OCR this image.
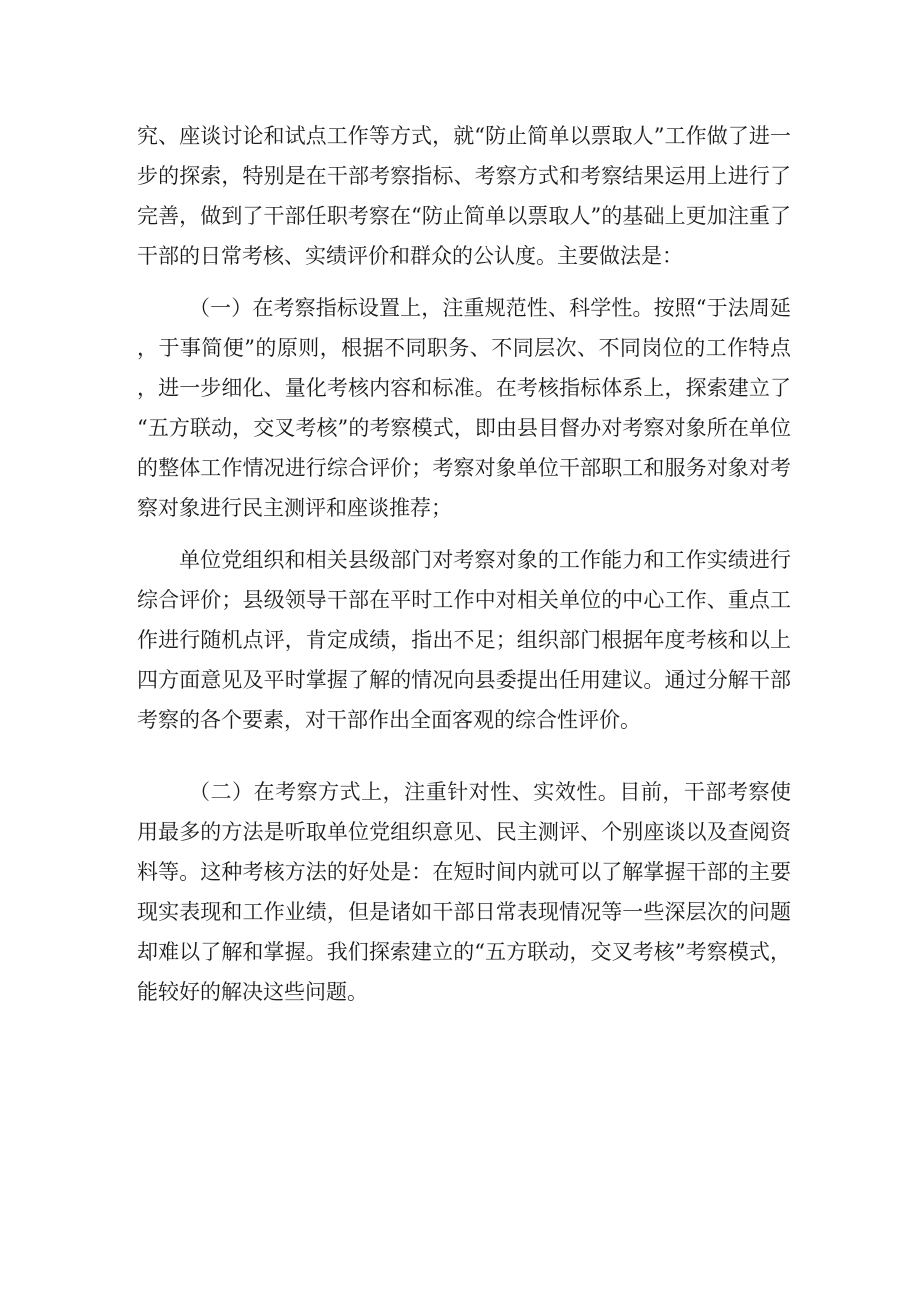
究、座谈讨论和试点工作等方式，就“防止简单以票取人”工作做了进一步的探索，特别是在干部考察指标、考察方式和考察结果运用上进行了完善，做到了干部任职考察在“防止简单以票取人”的基础上更加注重了干部的日常考核、实绩评价和群众的公认度。主要做法是：

（一）在考察指标设置上，注重规范性、科学性。按照“于法周延，于事简便”的原则，根据不同职务、不同层次、不同岗位的工作特点，进一步细化、量化考核内容和标准。在考核指标体系上，探索建立了“五方联动，交叉考核”的考察模式，即由县目督办对考察对象所在单位的整体工作情况进行综合评价；考察对象单位干部职工和服务对象对考察对象进行民主测评和座谈推荐；

单位党组织和相关县级部门对考察对象的工作能力和工作实绩进行综合评价；县级领导干部在平时工作中对相关单位的中心工作、重点工作进行随机点评，肯定成绩，指出不足；组织部门根据年度考核和以上四方面意见及平时掌握了解的情况向县委提出任用建议。通过分解干部考察的各个要素，对干部作出全面客观的综合性评价。

（二）在考察方式上，注重针对性、实效性。目前，干部考察使用最多的方法是听取单位党组织意见、民主测评、个别座谈以及查阅资料等。这种考核方法的好处是：在短时间内就可以了解掌握干部的主要现实表现和工作业绩，但是诸如干部日常表现情况等一些深层次的问题却难以了解和掌握。我们探索建立的“五方联动，交叉考核”考察模式，能较好的解决这些问题。
